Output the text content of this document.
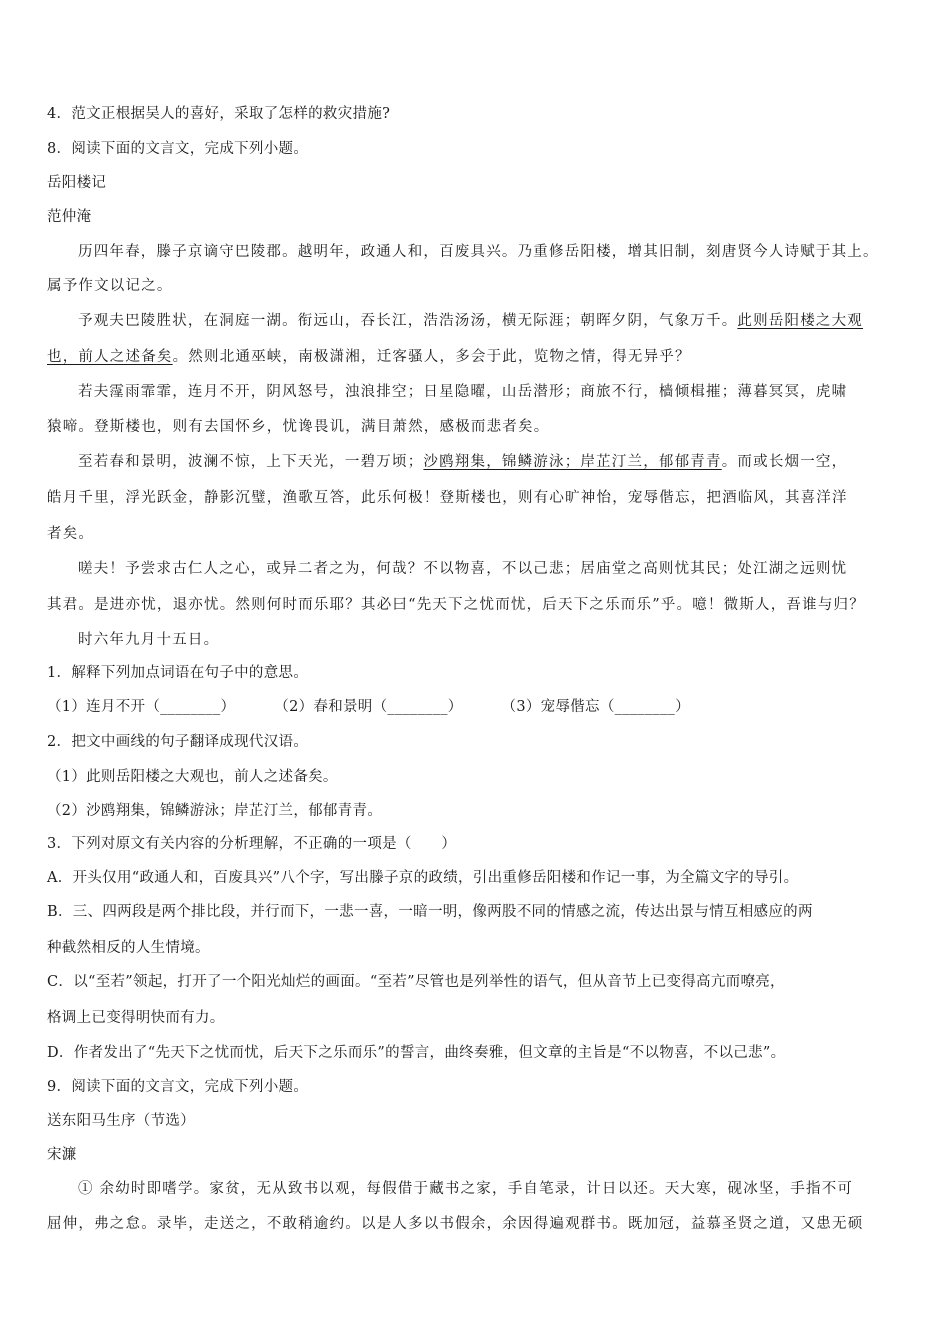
4．范文正根据吴人的喜好，采取了怎样的救灾措施?
8．阅读下面的文言文，完成下列小题。
岳阳楼记
范仲淹
历四年春，滕子京谪守巴陵郡。越明年，政通人和，百废具兴。乃重修岳阳楼，增其旧制，刻唐贤今人诗赋于其上。
属予作文以记之。
予观夫巴陵胜状，在洞庭一湖。衔远山，吞长江，浩浩汤汤，横无际涯；朝晖夕阴，气象万千。此则岳阳楼之大观
也，前人之述备矣。然则北通巫峡，南极潇湘，迁客骚人，多会于此，览物之情，得无异乎？
若夫霪雨霏霏，连月不开，阴风怒号，浊浪排空；日星隐曜，山岳潜形；商旅不行，樯倾楫摧；薄暮冥冥，虎啸
猿啼。登斯楼也，则有去国怀乡，忧谗畏讥，满目萧然，感极而悲者矣。
至若春和景明，波澜不惊，上下天光，一碧万顷；沙鸥翔集，锦鳞游泳；岸芷汀兰，郁郁青青。而或长烟一空，
皓月千里，浮光跃金，静影沉璧，渔歌互答，此乐何极！登斯楼也，则有心旷神怡，宠辱偕忘，把酒临风，其喜洋洋
者矣。
嗟夫！予尝求古仁人之心，或异二者之为，何哉？不以物喜，不以己悲；居庙堂之高则忧其民；处江湖之远则忧
其君。是进亦忧，退亦忧。然则何时而乐耶？其必曰“先天下之忧而忧，后天下之乐而乐”乎。噫！微斯人，吾谁与归？
时六年九月十五日。
1．解释下列加点词语在句子中的意思。
（1）连月不开（________）	（2）春和景明（________）	（3）宠辱偕忘（________）
2．把文中画线的句子翻译成现代汉语。
（1）此则岳阳楼之大观也，前人之述备矣。
（2）沙鸥翔集，锦鳞游泳；岸芷汀兰，郁郁青青。
3．下列对原文有关内容的分析理解，不正确的一项是（　　）
A．开头仅用“政通人和，百废具兴”八个字，写出滕子京的政绩，引出重修岳阳楼和作记一事，为全篇文字的导引。
B．三、四两段是两个排比段，并行而下，一悲一喜，一暗一明，像两股不同的情感之流，传达出景与情互相感应的两
种截然相反的人生情境。
C．以“至若”领起，打开了一个阳光灿烂的画面。“至若”尽管也是列举性的语气，但从音节上已变得高亢而嘹亮，
格调上已变得明快而有力。
D．作者发出了“先天下之忧而忧，后天下之乐而乐”的誓言，曲终奏雅，但文章的主旨是“不以物喜，不以己悲”。
9．阅读下面的文言文，完成下列小题。
送东阳马生序（节选）
宋濂
① 余幼时即嗜学。家贫，无从致书以观，每假借于藏书之家，手自笔录，计日以还。天大寒，砚冰坚，手指不可
屈伸，弗之怠。录毕，走送之，不敢稍逾约。以是人多以书假余，余因得遍观群书。既加冠，益慕圣贤之道，又患无硕
